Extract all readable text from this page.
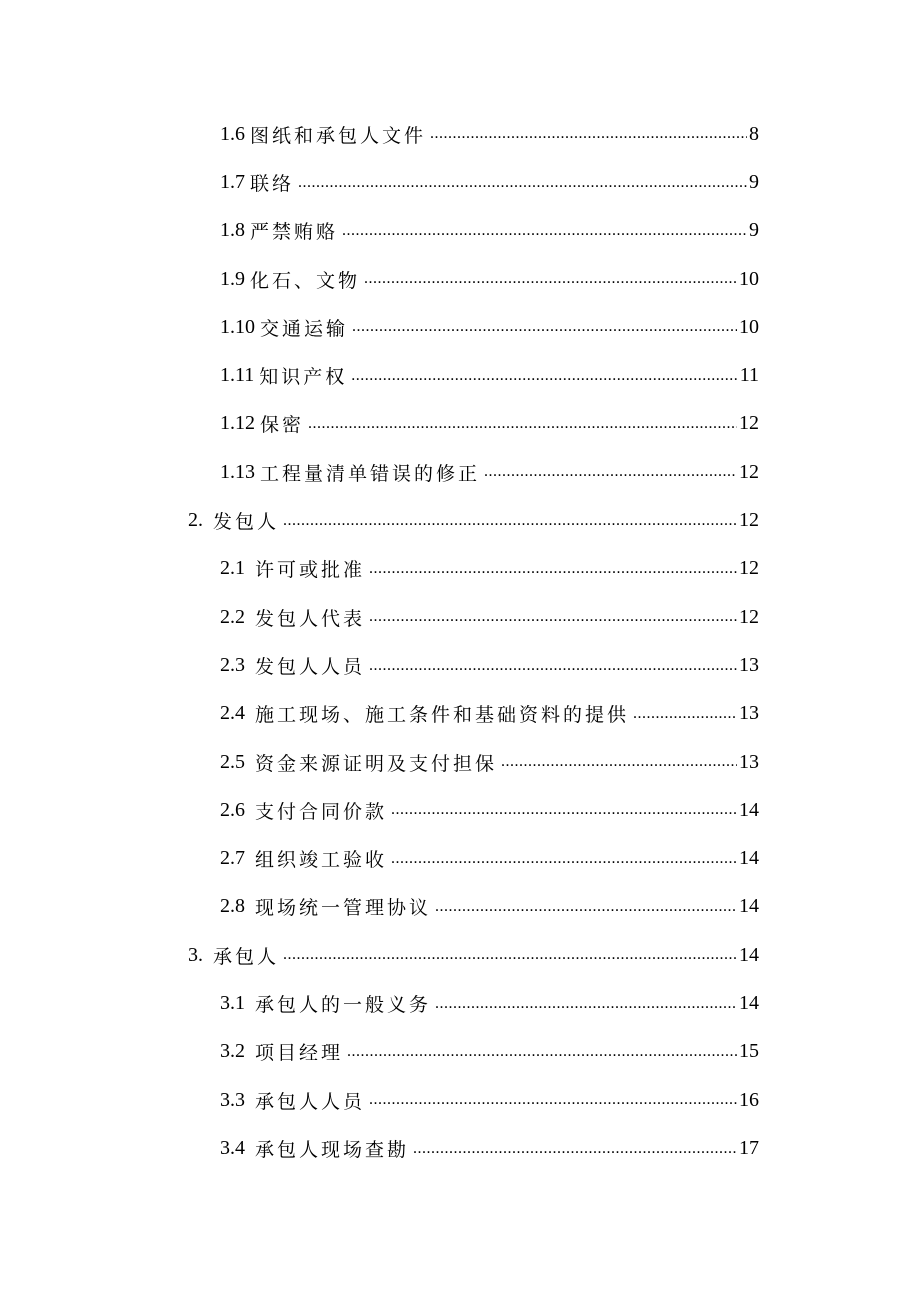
1.6 图纸和承包人文件 .....	8
1.7 联络 .....	9
1.8 严禁贿赂 .....	9
1.9 化石、文物 .....	10
1.10 交通运输 .....	10
1.11 知识产权 .....	11
1.12 保密 .....	12
1.13 工程量清单错误的修正 .....	12
2. 发包人 .....	12
2.1 许可或批准 .....	12
2.2 发包人代表 .....	12
2.3 发包人人员 .....	13
2.4 施工现场、施工条件和基础资料的提供 .....	13
2.5 资金来源证明及支付担保 .....	13
2.6 支付合同价款 .....	14
2.7 组织竣工验收 .....	14
2.8 现场统一管理协议 .....	14
3. 承包人 .....	14
3.1 承包人的一般义务 .....	14
3.2 项目经理 .....	15
3.3 承包人人员 .....	16
3.4 承包人现场查勘 .....	17
